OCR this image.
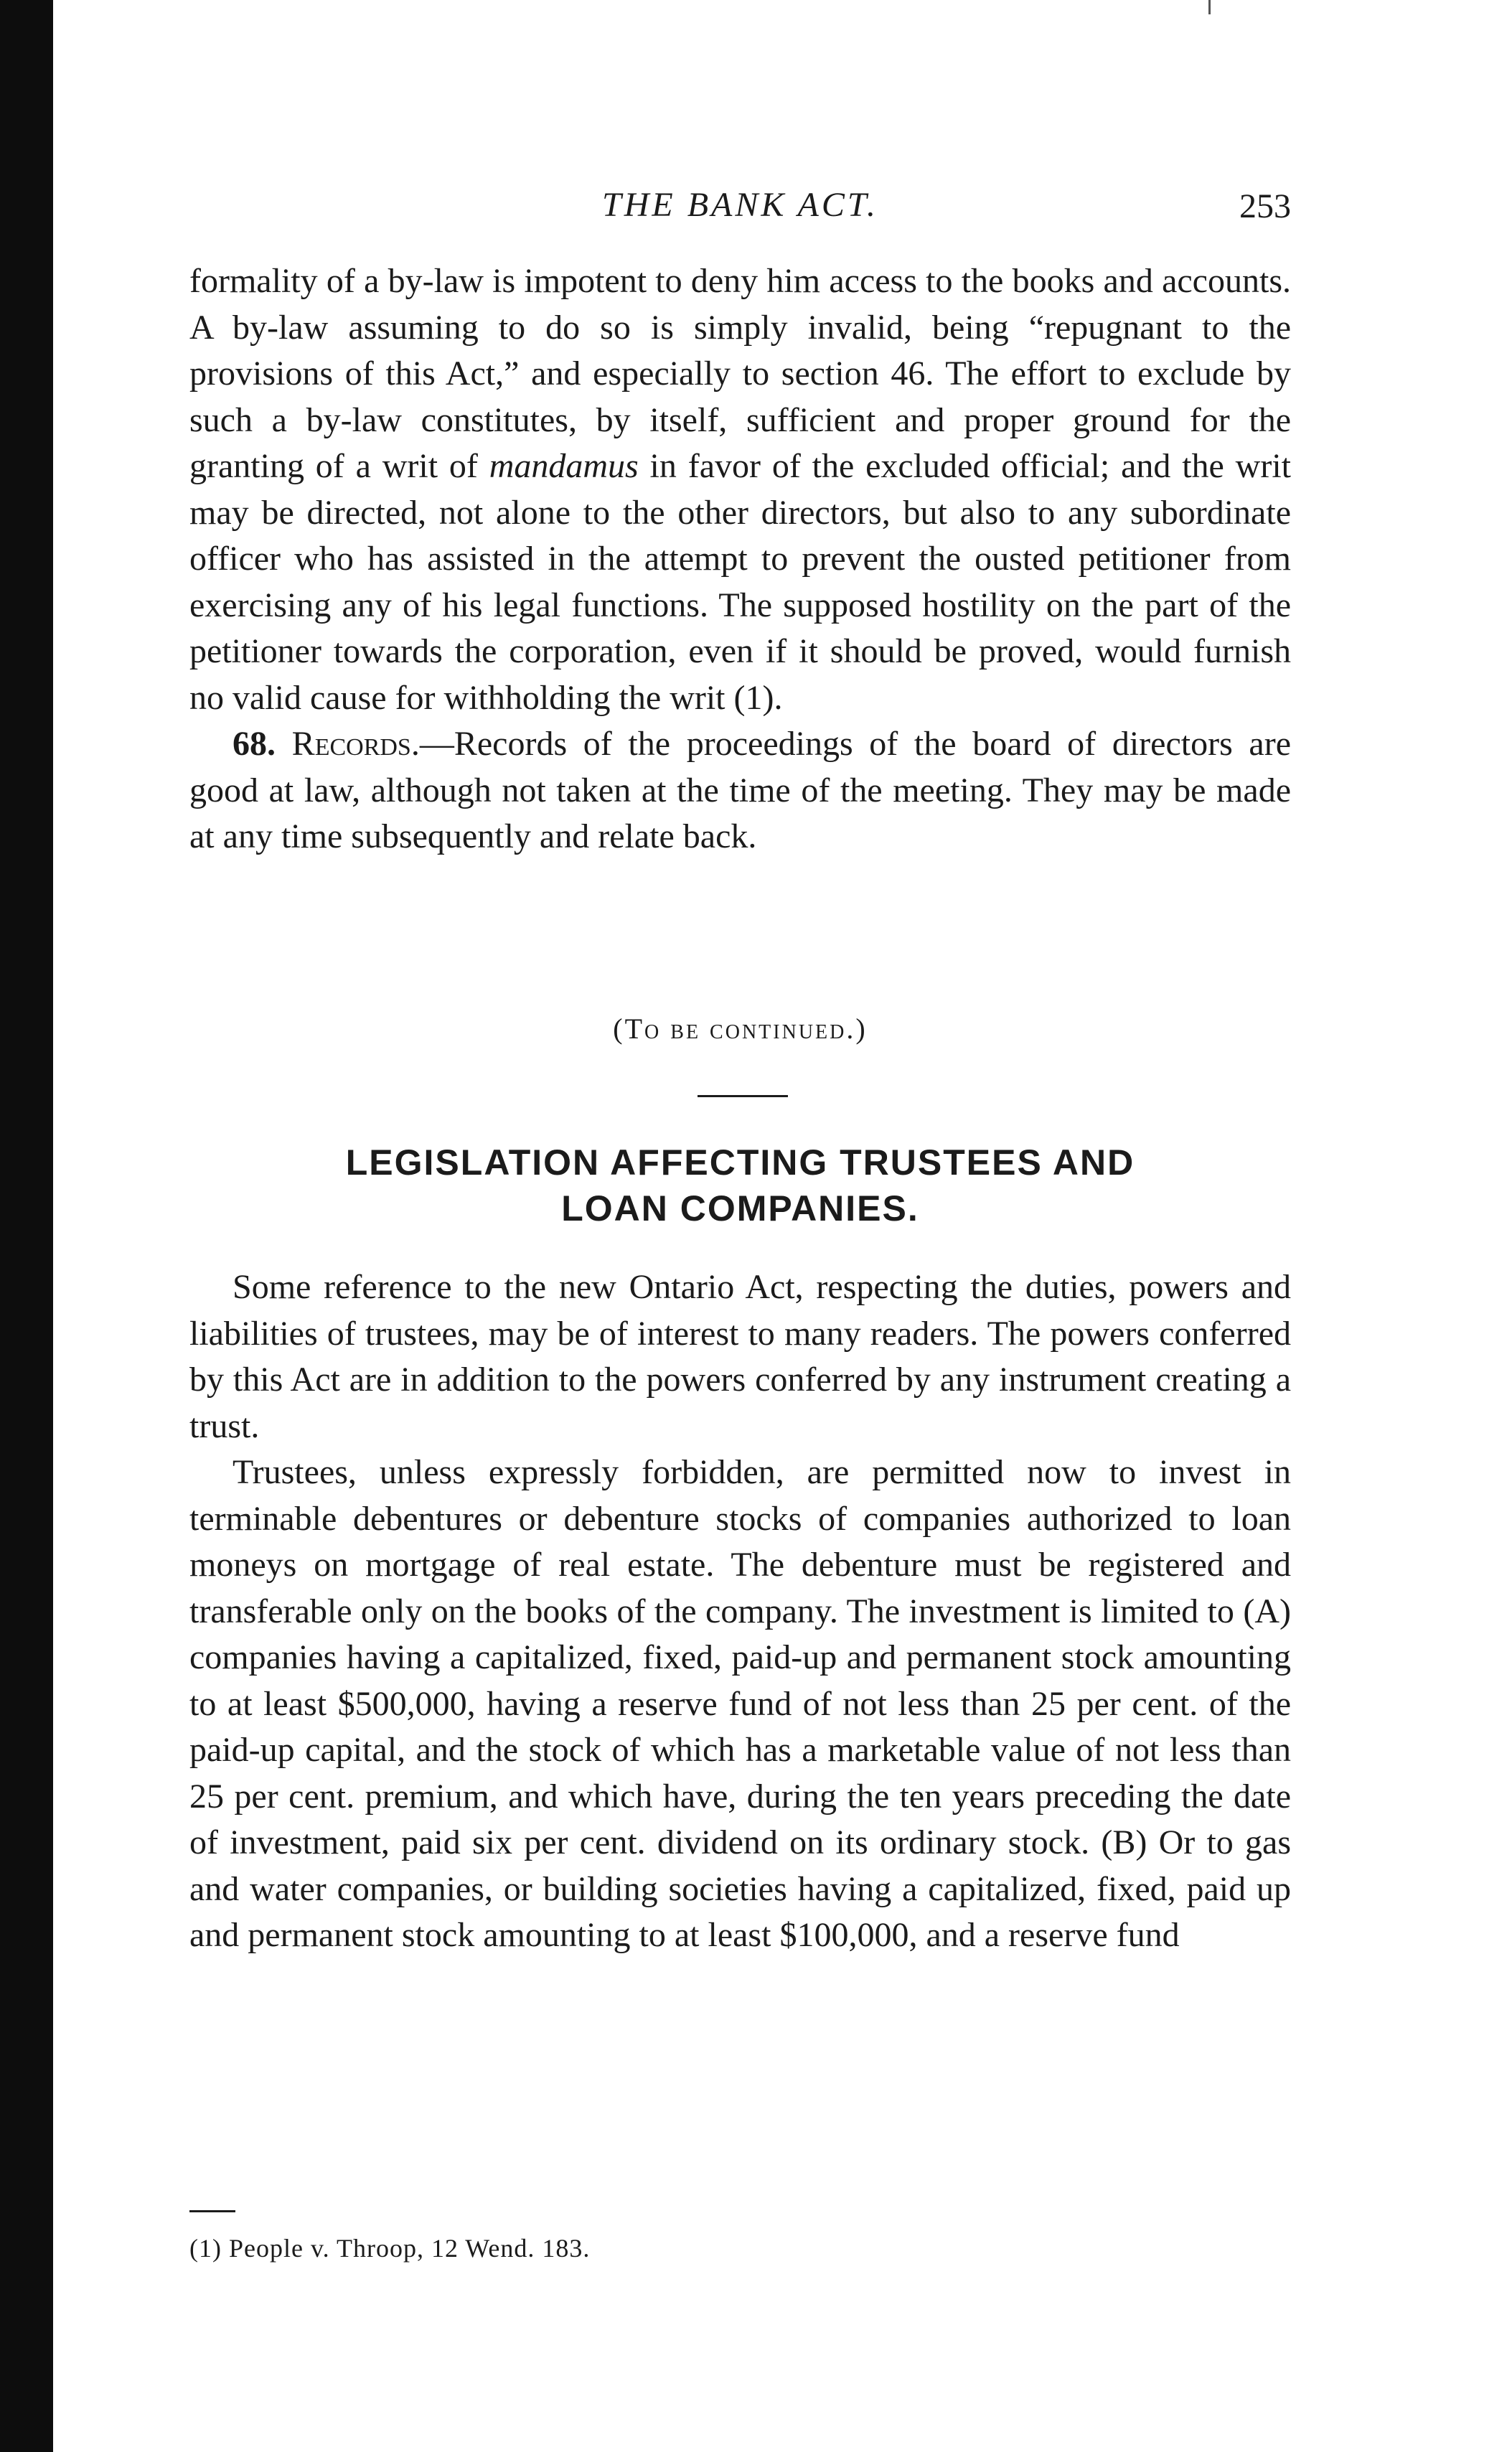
THE BANK ACT.	253

formality of a by-law is impotent to deny him access to the books and accounts. A by-law assuming to do so is simply invalid, being “repugnant to the provisions of this Act,” and especially to section 46. The effort to exclude by such a by-law constitutes, by itself, sufficient and proper ground for the granting of a writ of mandamus in favor of the excluded official; and the writ may be directed, not alone to the other directors, but also to any subordinate officer who has assisted in the attempt to prevent the ousted petitioner from exercising any of his legal functions. The supposed hostility on the part of the petitioner towards the corporation, even if it should be proved, would furnish no valid cause for withholding the writ (1).

68. Records.—Records of the proceedings of the board of directors are good at law, although not taken at the time of the meeting. They may be made at any time subsequently and relate back.

(To be continued.)
LEGISLATION AFFECTING TRUSTEES AND
LOAN COMPANIES.

Some reference to the new Ontario Act, respecting the duties, powers and liabilities of trustees, may be of interest to many readers. The powers conferred by this Act are in addition to the powers conferred by any instrument creating a trust.

Trustees, unless expressly forbidden, are permitted now to invest in terminable debentures or debenture stocks of companies authorized to loan moneys on mortgage of real estate. The debenture must be registered and transferable only on the books of the company. The investment is limited to (A) companies having a capitalized, fixed, paid-up and permanent stock amounting to at least $500,000, having a reserve fund of not less than 25 per cent. of the paid-up capital, and the stock of which has a marketable value of not less than 25 per cent. premium, and which have, during the ten years preceding the date of investment, paid six per cent. dividend on its ordinary stock. (B) Or to gas and water companies, or building societies having a capitalized, fixed, paid up and permanent stock amounting to at least $100,000, and a reserve fund

(1) People v. Throop, 12 Wend. 183.
